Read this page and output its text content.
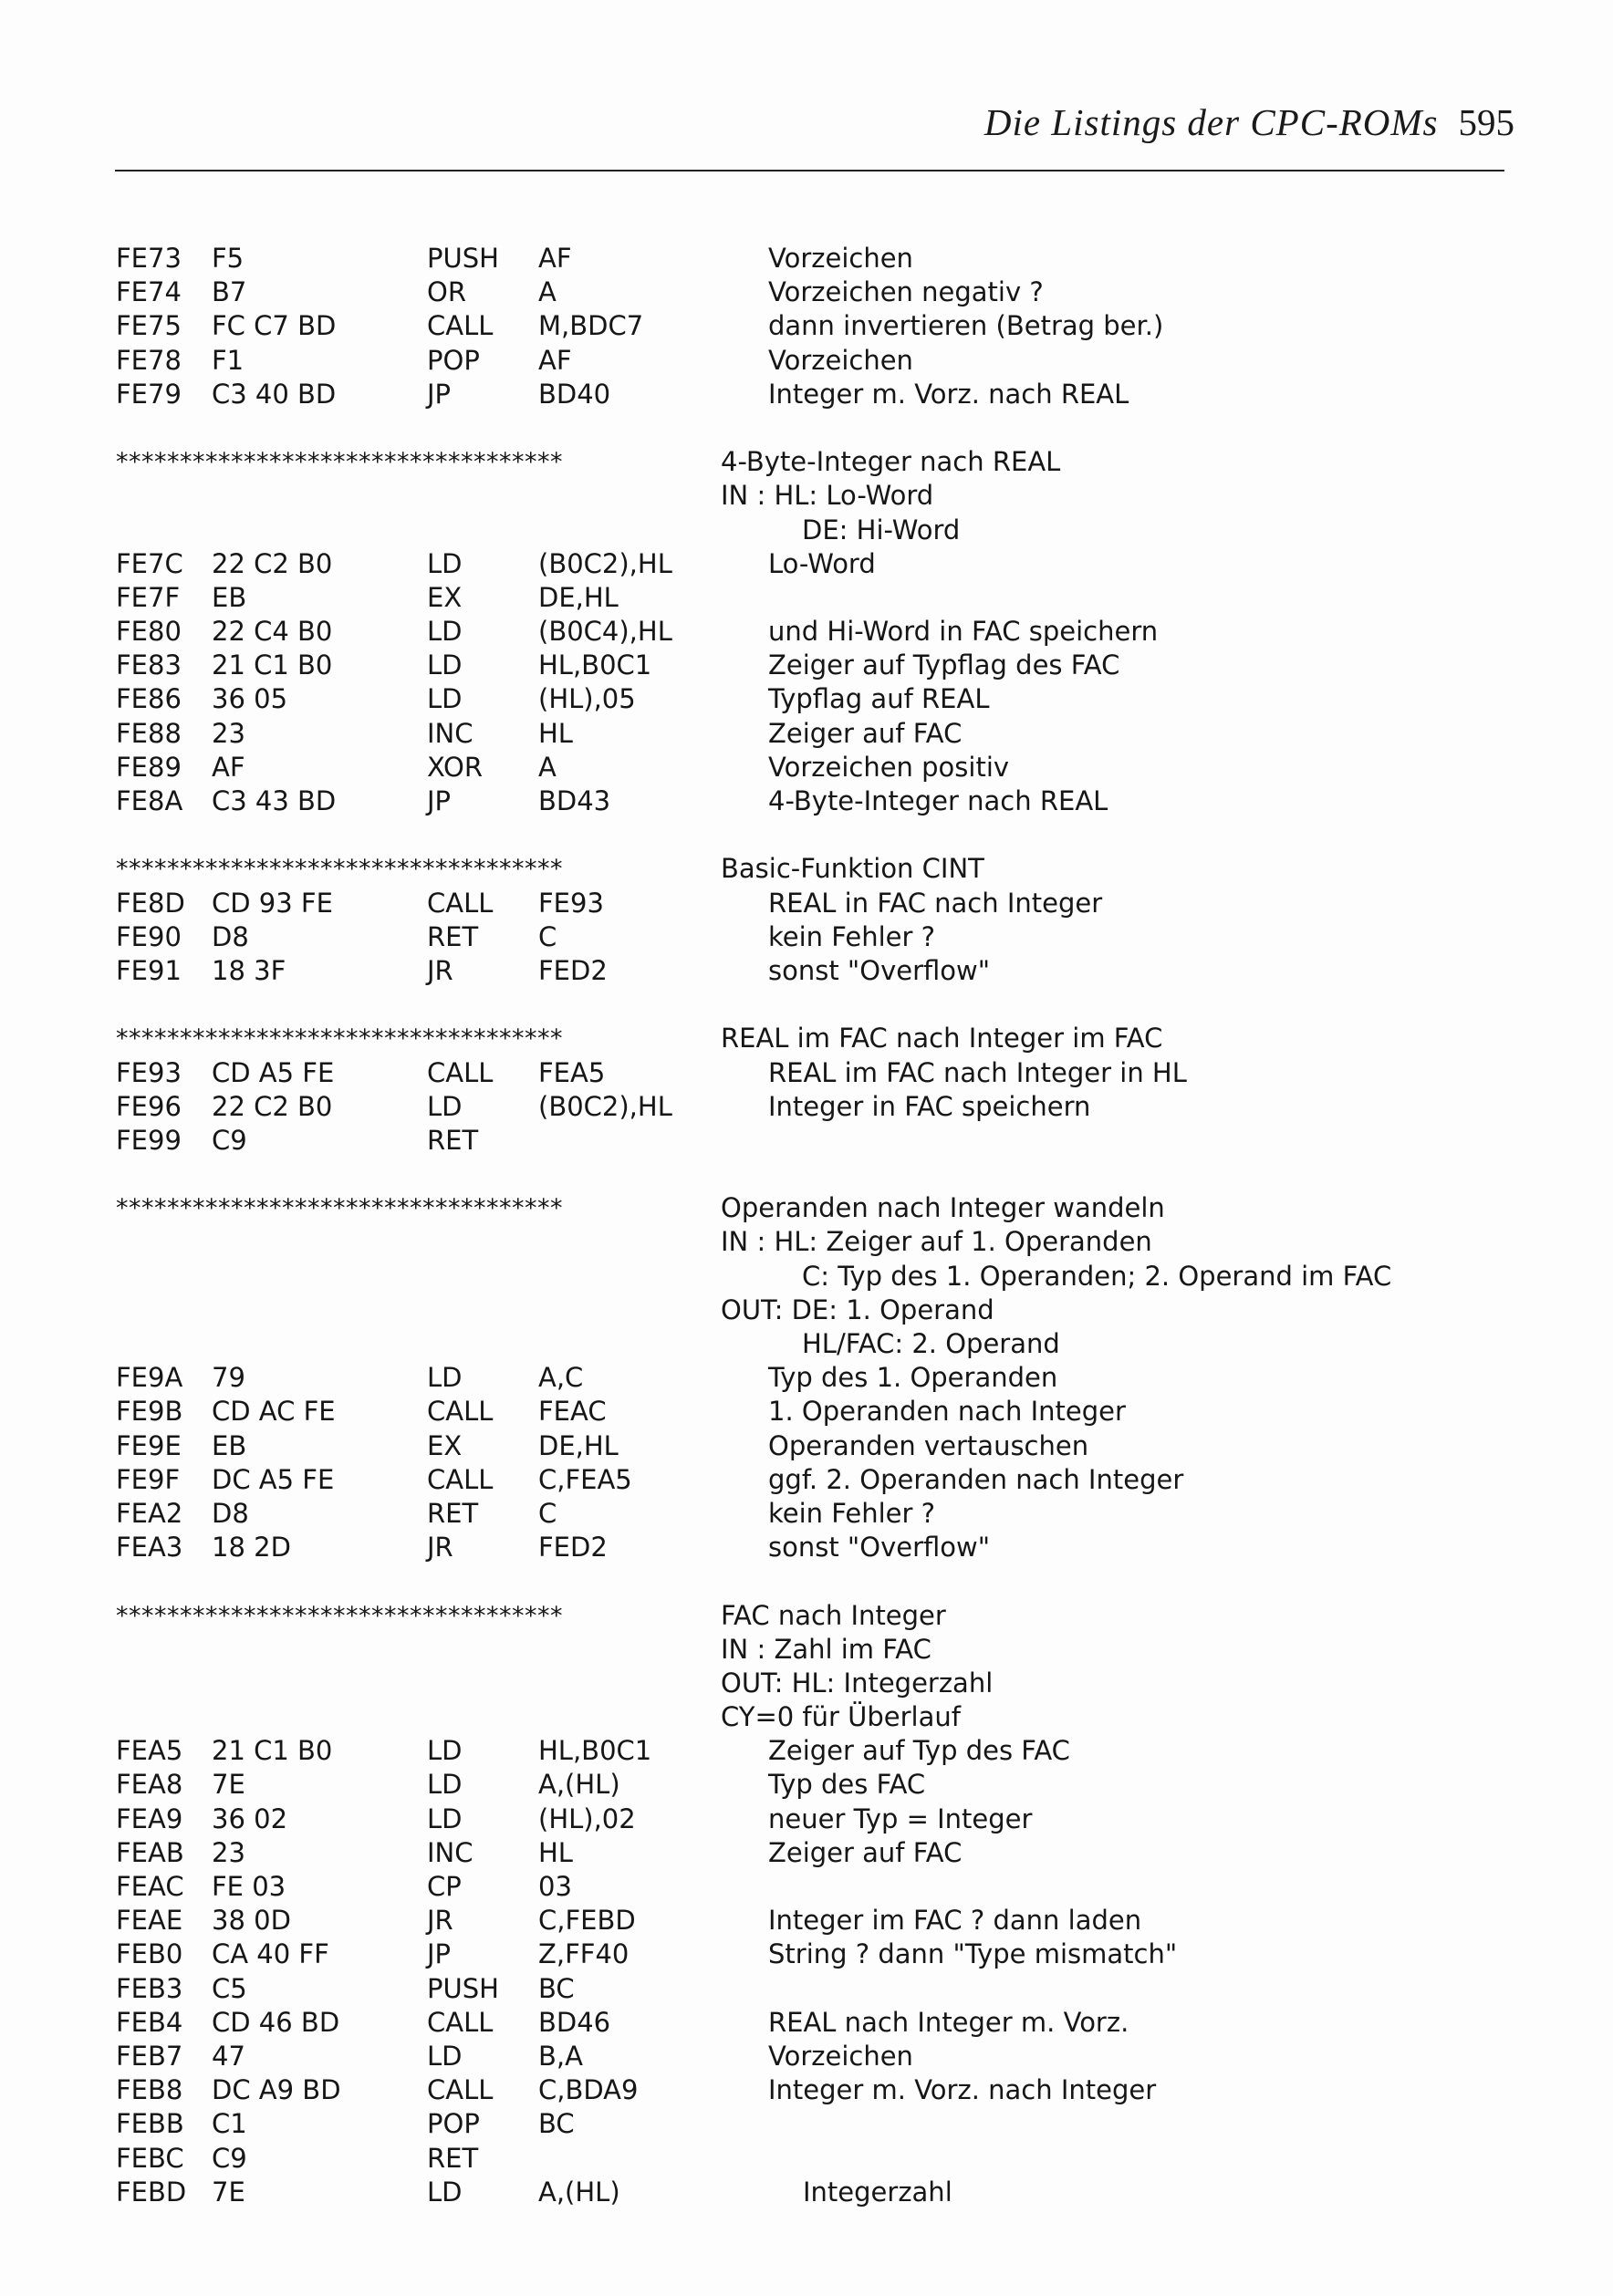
Die Listings der CPC-ROMs 595
FE73 F5	PUSH AF	Vorzeichen
FE74 B7	OR	A	Vorzeichen negativ ?
FE75 FC C7 BD	CALL M,BDC7	dann invertieren (Betrag ber.)
FE78 F1	POP AF	Vorzeichen
FE79 C3 40 BD	JP	BD40	Integer m. Vorz. nach REAL
***********************************	4-Byte-Integer nach REAL
IN : HL: Lo-Word
DE: Hi-Word
FE7C 22 C2 B0	LD	(B0C2),HL	Lo-Word
FE7F EB	EX	DE,HL
FE80 22 C4 B0	LD	(B0C4),HL	und Hi-Word in FAC speichern
FE83 21 C1 B0	LD	HL,B0C1	Zeiger auf Typflag des FAC
FE86 36 05	LD	(HL),05	Typflag auf REAL
FE88 23	INC HL	Zeiger auf FAC
FE89 AF	XOR A	Vorzeichen positiv
FE8A C3 43 BD	JP	BD43	4-Byte-Integer nach REAL
***********************************	Basic-Funktion CINT
FE8D CD 93 FE	CALL FE93	REAL in FAC nach Integer
FE90 D8	RET C	kein Fehler ?
FE91 18 3F	JR	FED2	sonst "Overflow"
***********************************	REAL im FAC nach Integer im FAC
FE93 CD A5 FE	CALL FEA5	REAL im FAC nach Integer in HL
FE96 22 C2 B0	LD	(B0C2),HL	Integer in FAC speichern
FE99 C9	RET
***********************************	Operanden nach Integer wandeln
IN : HL: Zeiger auf 1. Operanden
C: Typ des 1. Operanden; 2. Operand im FAC
OUT: DE: 1. Operand
HL/FAC: 2. Operand
FE9A 79	LD	A,C	Typ des 1. Operanden
FE9B CD AC FE	CALL FEAC	1. Operanden nach Integer
FE9E EB	EX	DE,HL	Operanden vertauschen
FE9F DC A5 FE	CALL C,FEA5	ggf. 2. Operanden nach Integer
FEA2 D8	RET C	kein Fehler ?
FEA3 18 2D	JR	FED2	sonst "Overflow"
***********************************	FAC nach Integer
IN : Zahl im FAC
OUT: HL: Integerzahl
CY=0 für Überlauf
FEA5 21 C1 B0	LD	HL,B0C1	Zeiger auf Typ des FAC
FEA8 7E	LD	A,(HL)	Typ des FAC
FEA9 36 02	LD	(HL),02	neuer Typ = Integer
FEAB 23	INC HL	Zeiger auf FAC
FEAC FE 03	CP	03
FEAE 38 0D	JR	C,FEBD	Integer im FAC ? dann laden
FEB0 CA 40 FF	JP	Z,FF40	String ? dann "Type mismatch"
FEB3 C5	PUSH BC
FEB4 CD 46 BD	CALL BD46	REAL nach Integer m. Vorz.
FEB7 47	LD	B,A	Vorzeichen
FEB8 DC A9 BD	CALL C,BDA9	Integer m. Vorz. nach Integer
FEBB C1	POP BC
FEBC C9	RET
FEBD 7E	LD	A,(HL)	Integerzahl
